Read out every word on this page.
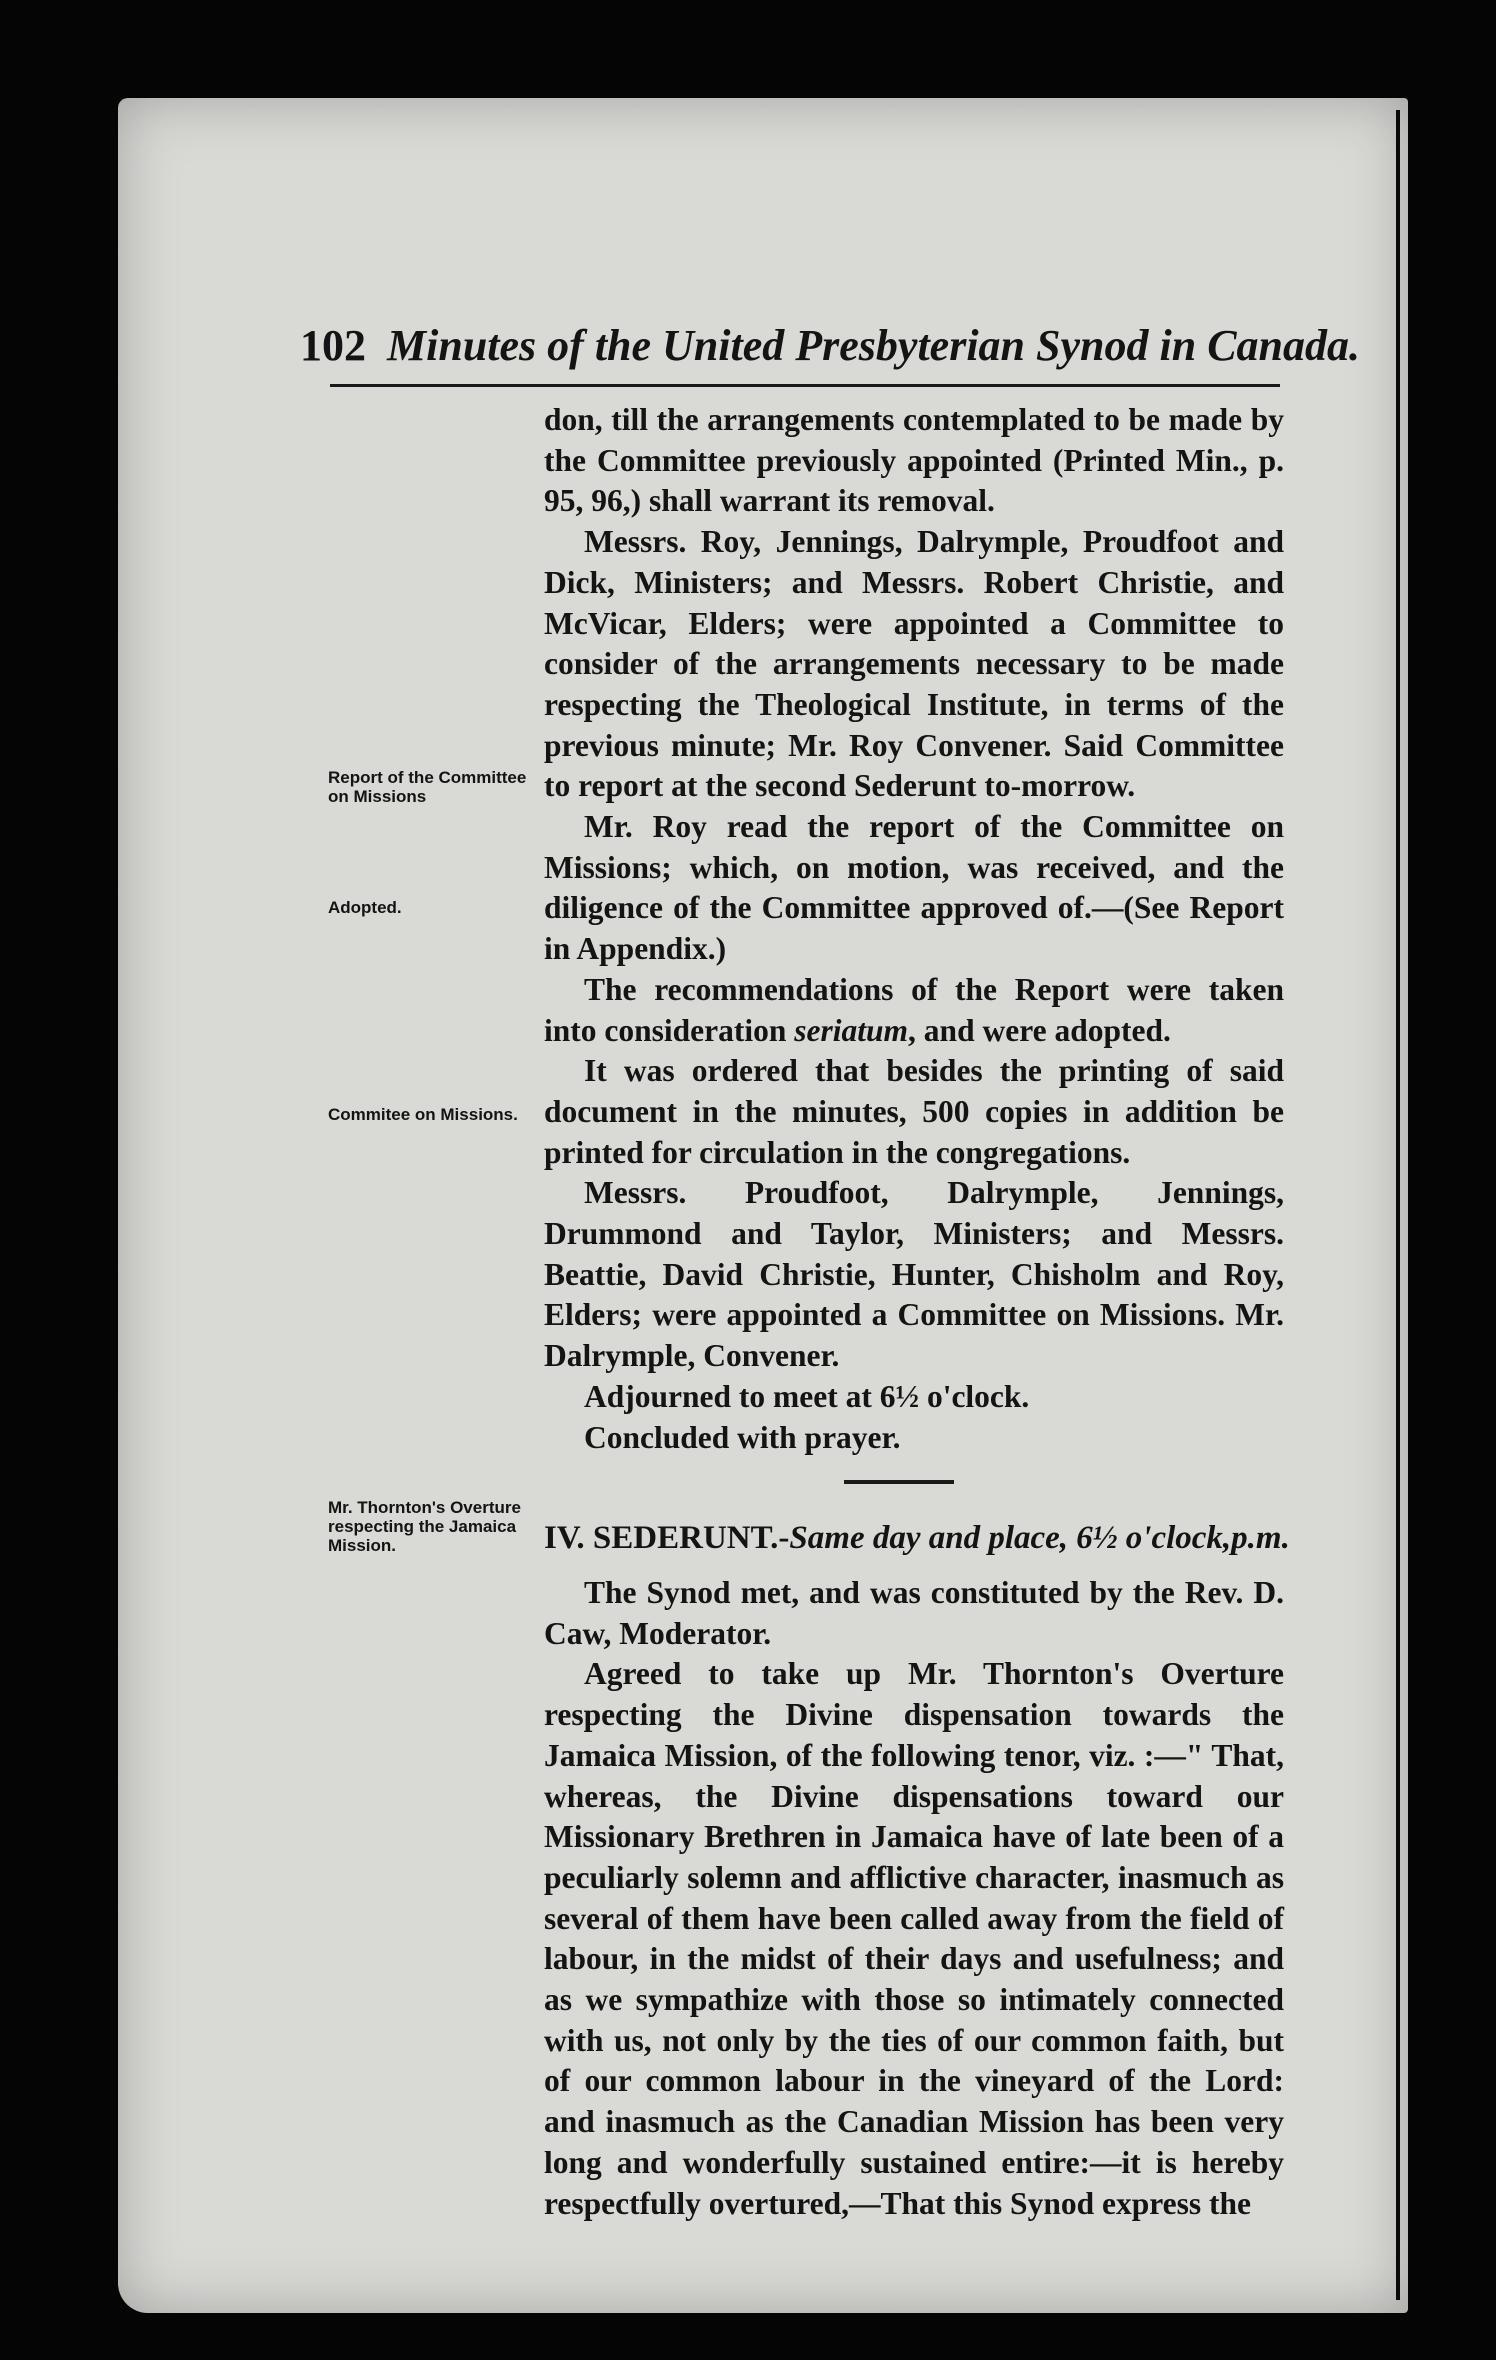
102 Minutes of the United Presbyterian Synod in Canada.
Report of the Committee on Missions
Adopted.
Commitee on Missions.
Mr. Thornton's Overture respecting the Jamaica Mission.

don, till the arrangements contemplated to be made by the Committee previously appointed (Printed Min., p. 95, 96,) shall warrant its removal.

Messrs. Roy, Jennings, Dalrymple, Proudfoot and Dick, Ministers; and Messrs. Robert Christie, and McVicar, Elders; were appointed a Committee to consider of the arrangements necessary to be made respecting the Theological Institute, in terms of the previous minute; Mr. Roy Convener. Said Committee to report at the second Sederunt to-morrow.

Mr. Roy read the report of the Committee on Missions; which, on motion, was received, and the diligence of the Committee approved of.—(See Report in Appendix.)

The recommendations of the Report were taken into consideration seriatum, and were adopted.

It was ordered that besides the printing of said document in the minutes, 500 copies in addition be printed for circulation in the congregations.

Messrs. Proudfoot, Dalrymple, Jennings, Drummond and Taylor, Ministers; and Messrs. Beattie, David Christie, Hunter, Chisholm and Roy, Elders; were appointed a Committee on Missions. Mr. Dalrymple, Convener.

Adjourned to meet at 6½ o'clock.

Concluded with prayer.

IV. SEDERUNT.-Same day and place, 6½ o'clock,p.m.

The Synod met, and was constituted by the Rev. D. Caw, Moderator.

Agreed to take up Mr. Thornton's Overture respecting the Divine dispensation towards the Jamaica Mission, of the following tenor, viz. :—" That, whereas, the Divine dispensations toward our Missionary Brethren in Jamaica have of late been of a peculiarly solemn and afflictive character, inasmuch as several of them have been called away from the field of labour, in the midst of their days and usefulness; and as we sympathize with those so intimately connected with us, not only by the ties of our common faith, but of our common labour in the vineyard of the Lord: and inasmuch as the Canadian Mission has been very long and wonderfully sustained entire:—it is hereby respectfully overtured,—That this Synod express the
